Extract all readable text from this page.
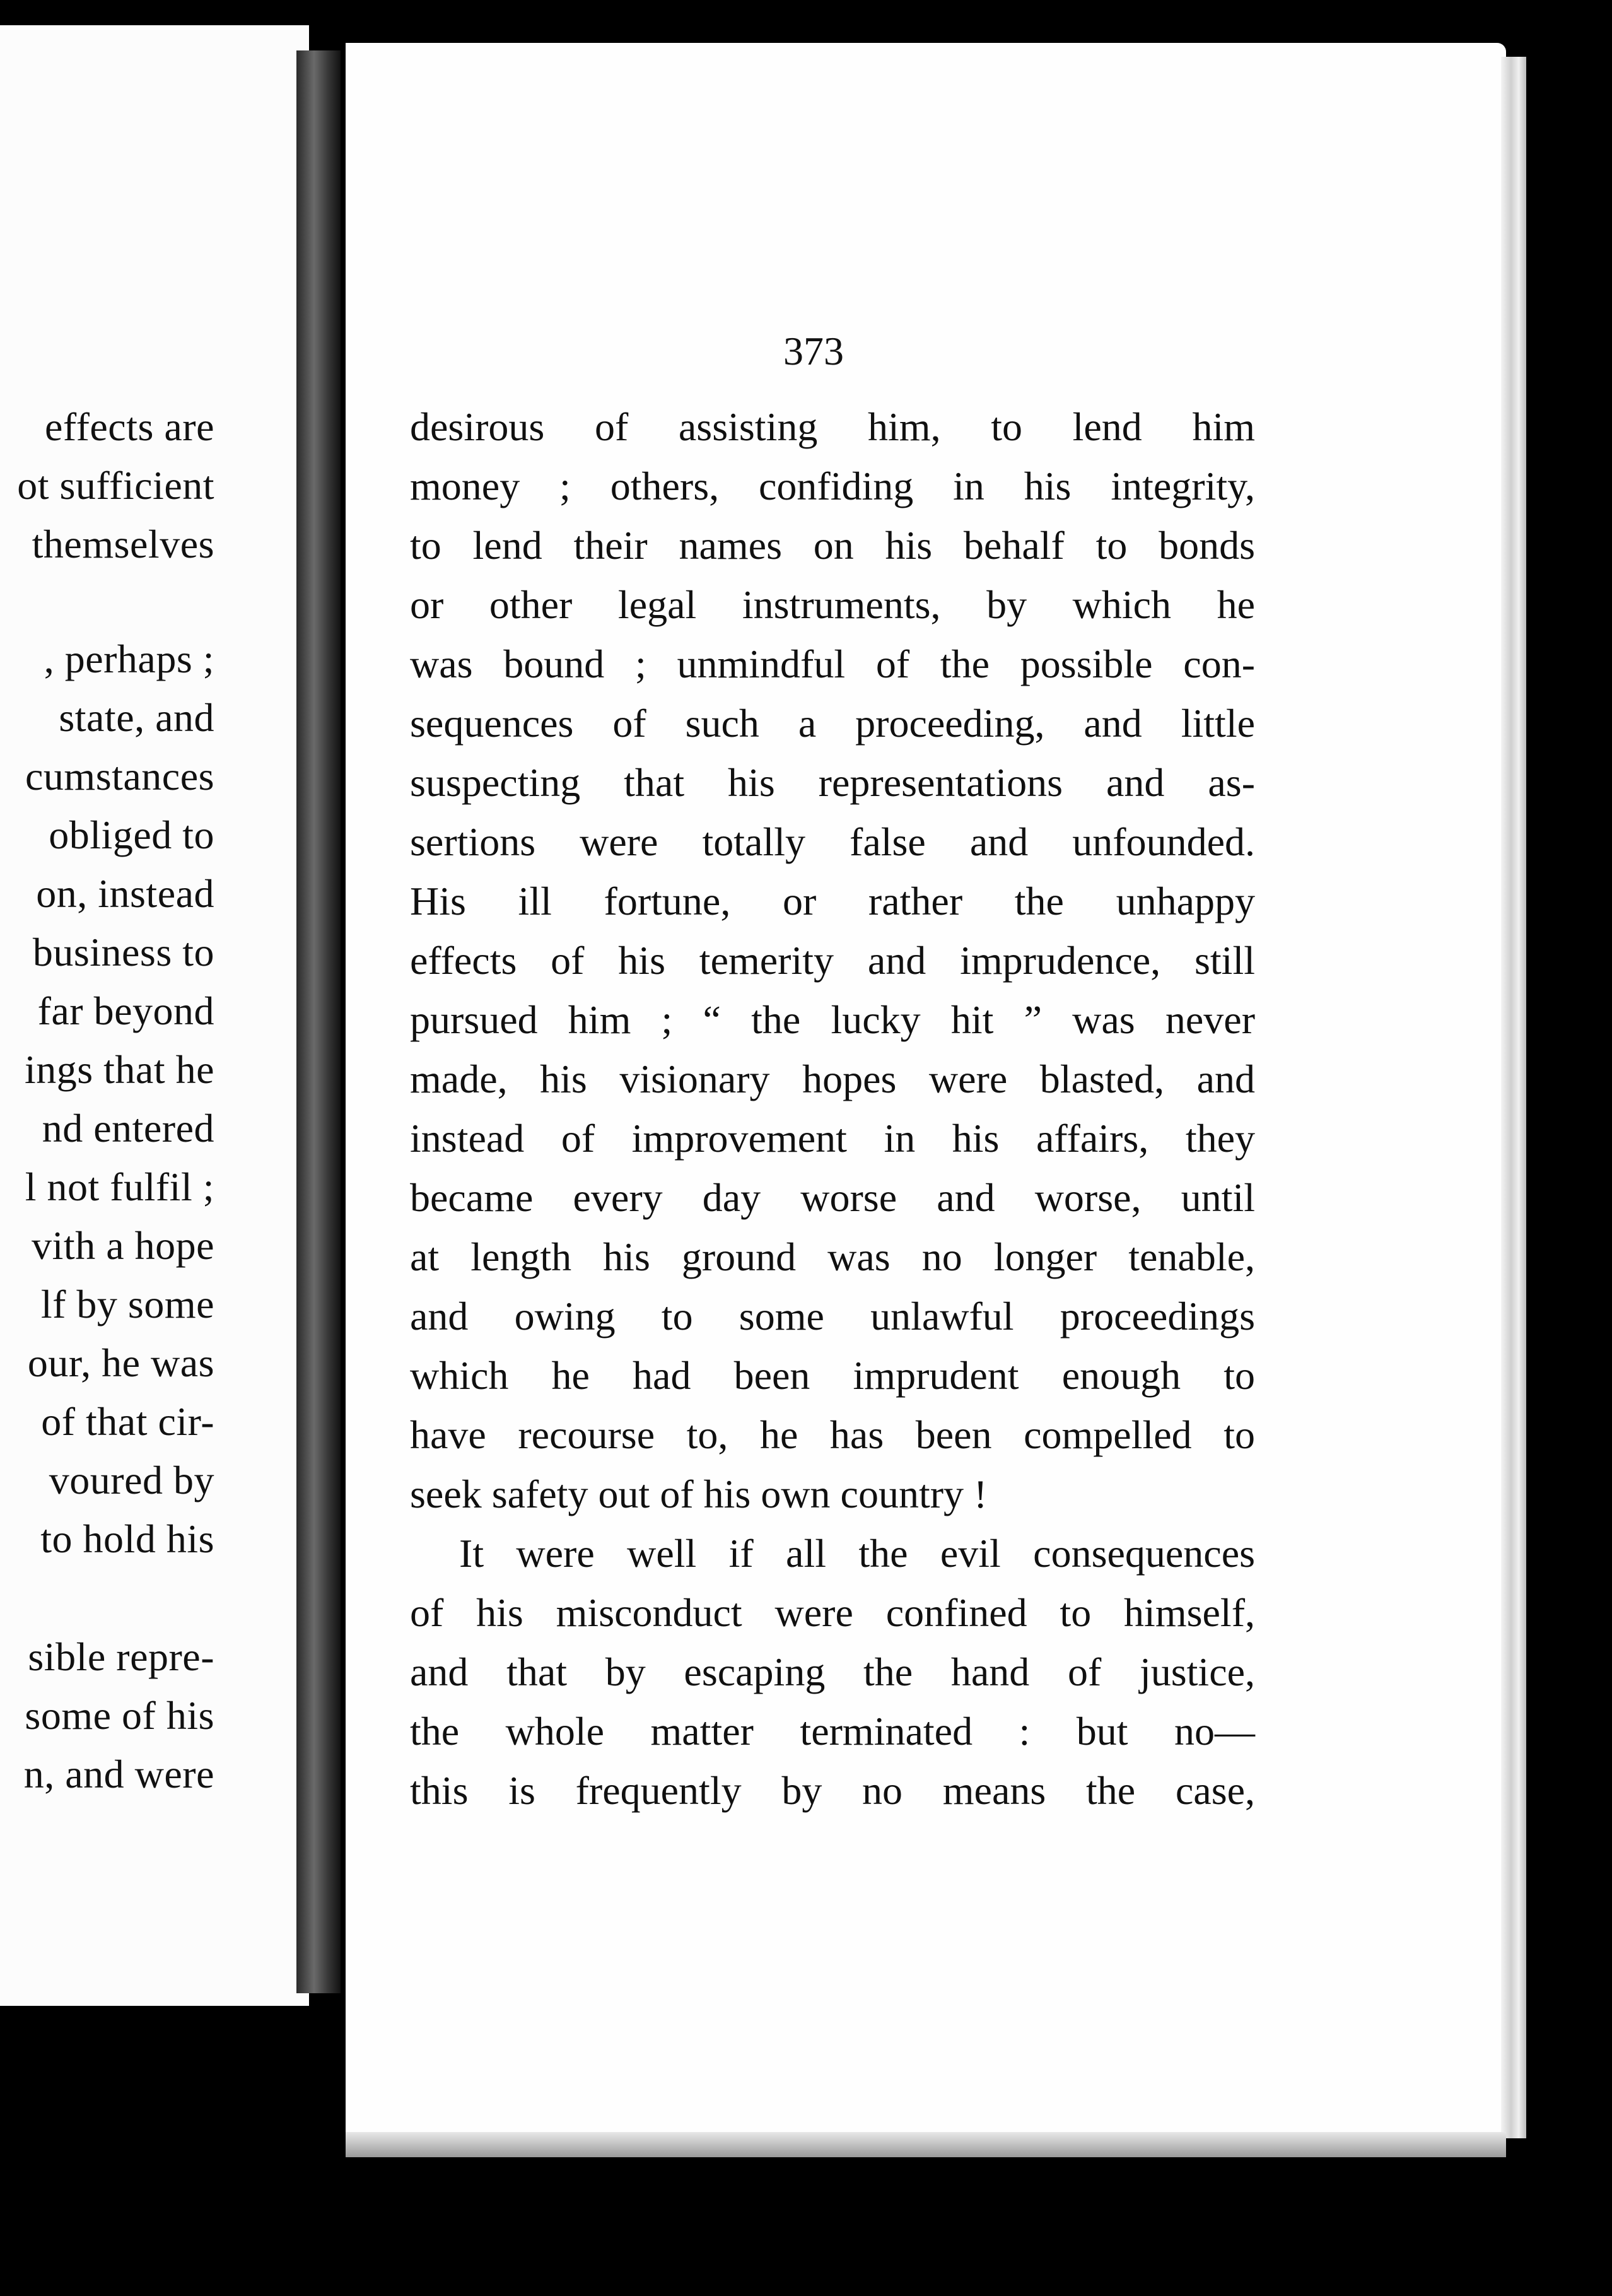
effects are
ot sufficient
themselves
, perhaps ;
state, and
cumstances
obliged to
on, instead
business to
far beyond
ings that he
nd entered
l not fulfil ;
vith a hope
lf by some
our, he was
of that cir-
voured by
to hold his
sible repre-
some of his
n, and were
373
desirous of assisting him, to lend him
money ; others, confiding in his integrity,
to lend their names on his behalf to bonds
or other legal instruments, by which he
was bound ; unmindful of the possible con-
sequences of such a proceeding, and little
suspecting that his representations and as-
sertions were totally false and unfounded.
His ill fortune, or rather the unhappy
effects of his temerity and imprudence, still
pursued him ; “ the lucky hit ” was never
made, his visionary hopes were blasted, and
instead of improvement in his affairs, they
became every day worse and worse, until
at length his ground was no longer tenable,
and owing to some unlawful proceedings
which he had been imprudent enough to
have recourse to, he has been compelled to
seek safety out of his own country !
It were well if all the evil consequences
of his misconduct were confined to himself,
and that by escaping the hand of justice,
the whole matter terminated : but no—
this is frequently by no means the case,
